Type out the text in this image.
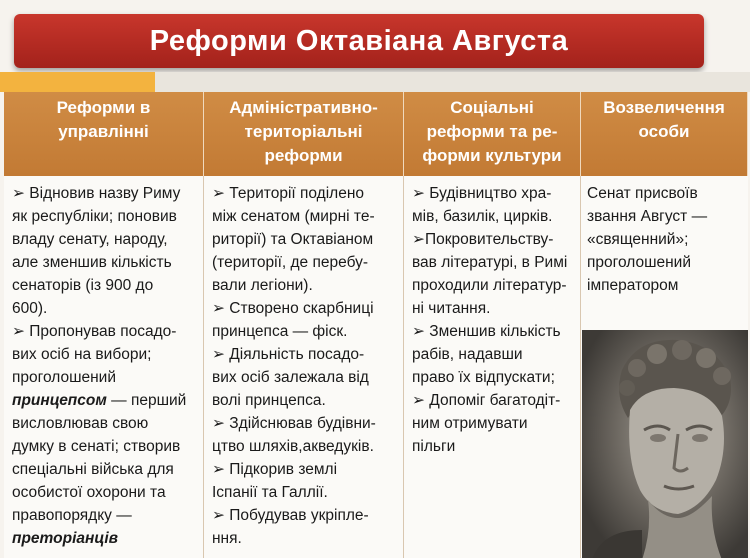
Реформи Октавіана Августа
Реформи в
управлінні
Адміністративно-
територіальні
реформи
Соціальні
реформи та ре-
форми культури
Возвеличення
особи

➢ Відновив назву Риму

як республіки; поновив

владу сенату, народу,

але зменшив кількість

сенаторів (із 900 до

600).

➢ Пропонував посадо-

вих осіб на вибори;

проголошений

принцепсом — перший

висловлював свою

думку в сенаті; створив

спеціальні війська для

особистої охорони та

правопорядку —

преторіанців

➢ Території поділено

між сенатом (мирні те-

риторії) та Октавіаном

(території, де перебу-

вали легіони).

➢ Створено скарбниці

принцепса — фіск.

➢ Діяльність посадо-

вих осіб залежала від

волі принцепса.

➢ Здійснював будівни-

цтво шляхів,акведуків.

➢ Підкорив землі

Іспанії та Галлії.

➢ Побудував укріпле-

ння.

➢ Будівництво хра-

мів, базилік, цирків.

➢Покровительству-

вав літературі, в Римі

проходили літератур-

ні читання.

➢ Зменшив кількість

рабів, надавши

право їх відпускати;

➢ Допоміг багатодіт-

ним отримувати

пільги

Сенат присвоїв

звання Август —

«священний»;

проголошений

імператором
